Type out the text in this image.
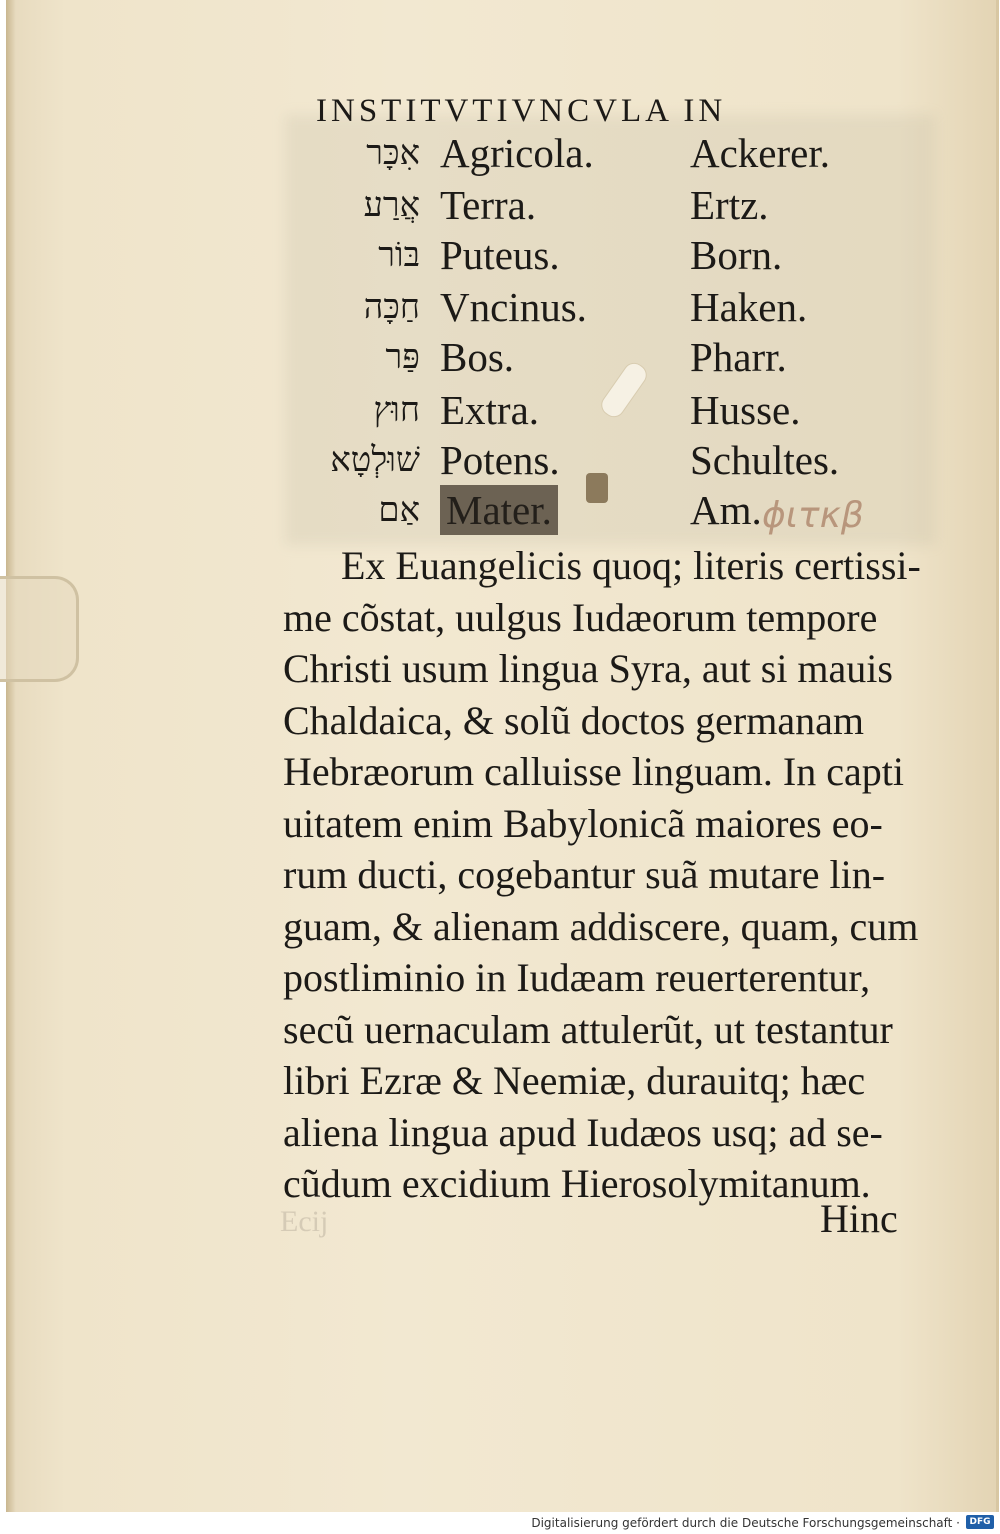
INSTITVTIVNCVLA IN
אִכָּר Agricola. Ackerer.
אֲרַע Terra.	Ertz.
בּוֹר Puteus.	Born.
חַכָּה Vncinus.	Haken.
פַּר Bos.	Pharr.
חוּץ Extra.	Husse.
שׁוּלְטָא Potens.	Schultes.
אַם Mater.	Am. ϕιτκβ
Ex Euangelicis quoq; literis certissi-
me cõstat, uulgus Iudæorum tempore
Christi usum lingua Syra, aut si mauis
Chaldaica, & solũ doctos germanam
Hebræorum calluisse linguam. In capti
uitatem enim Babylonicã maiores eo-
rum ducti, cogebantur suã mutare lin-
guam, & alienam addiscere, quam, cum
postliminio in Iudæam reuerterentur,
secũ uernaculam attulerũt, ut testantur
libri Ezræ & Neemiæ, durauitq; hæc
aliena lingua apud Iudæos usq; ad se-
cũdum excidium Hierosolymitanum.
Hinc
Ecij
Digitalisierung gefördert durch die Deutsche Forschungsgemeinschaft ·	DFG
